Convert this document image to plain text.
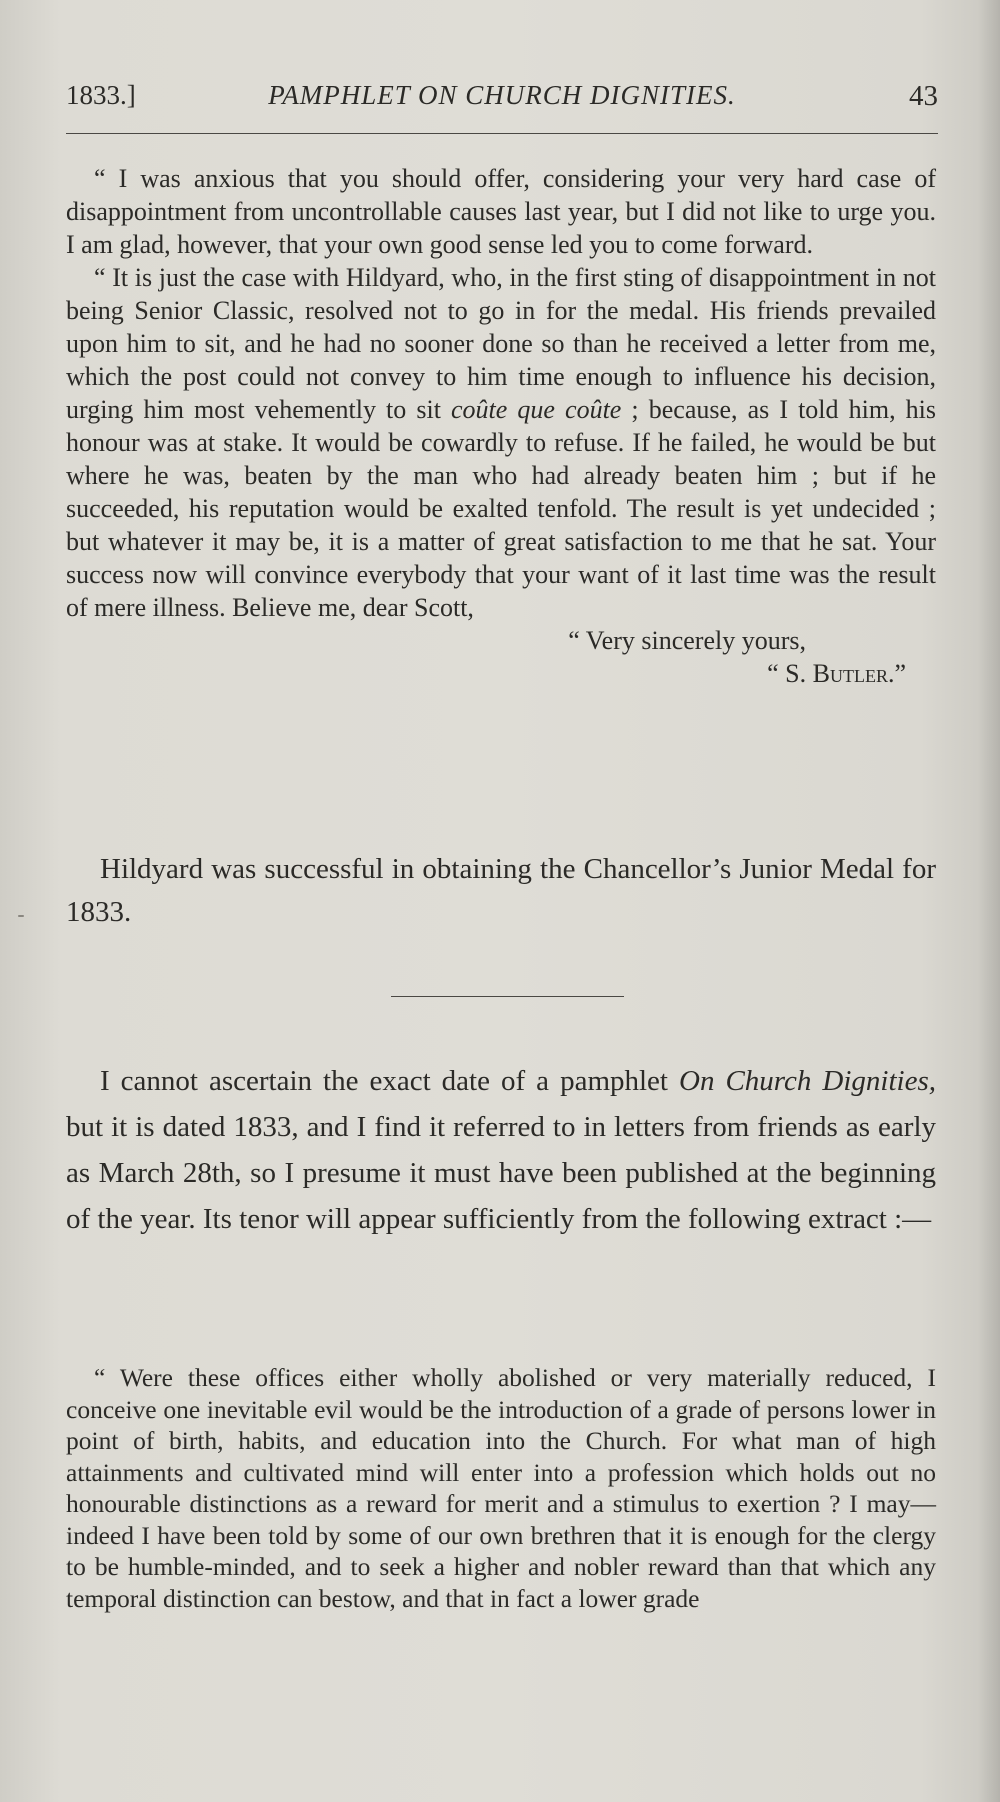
1833.]	PAMPHLET ON CHURCH DIGNITIES.	43

“ I was anxious that you should offer, considering your very hard case of disappointment from uncontrollable causes last year, but I did not like to urge you. I am glad, however, that your own good sense led you to come forward.

“ It is just the case with Hildyard, who, in the first sting of disappointment in not being Senior Classic, resolved not to go in for the medal. His friends prevailed upon him to sit, and he had no sooner done so than he received a letter from me, which the post could not convey to him time enough to influence his decision, urging him most vehemently to sit coûte que coûte ; because, as I told him, his honour was at stake. It would be cowardly to refuse. If he failed, he would be but where he was, beaten by the man who had already beaten him ; but if he succeeded, his reputation would be exalted tenfold. The result is yet undecided ; but whatever it may be, it is a matter of great satisfaction to me that he sat. Your success now will convince everybody that your want of it last time was the result of mere illness. Believe me, dear Scott,

“ Very sincerely yours,
“ S. Butler.”

Hildyard was successful in obtaining the Chancellor’s Junior Medal for 1833.

I cannot ascertain the exact date of a pamphlet On Church Dignities, but it is dated 1833, and I find it referred to in letters from friends as early as March 28th, so I presume it must have been published at the beginning of the year. Its tenor will appear sufficiently from the following extract :—

“ Were these offices either wholly abolished or very materially reduced, I conceive one inevitable evil would be the introduction of a grade of persons lower in point of birth, habits, and education into the Church. For what man of high attainments and cultivated mind will enter into a profession which holds out no honourable distinctions as a reward for merit and a stimulus to exertion ? I may—indeed I have been told by some of our own brethren that it is enough for the clergy to be humble-minded, and to seek a higher and nobler reward than that which any temporal distinction can bestow, and that in fact a lower grade
